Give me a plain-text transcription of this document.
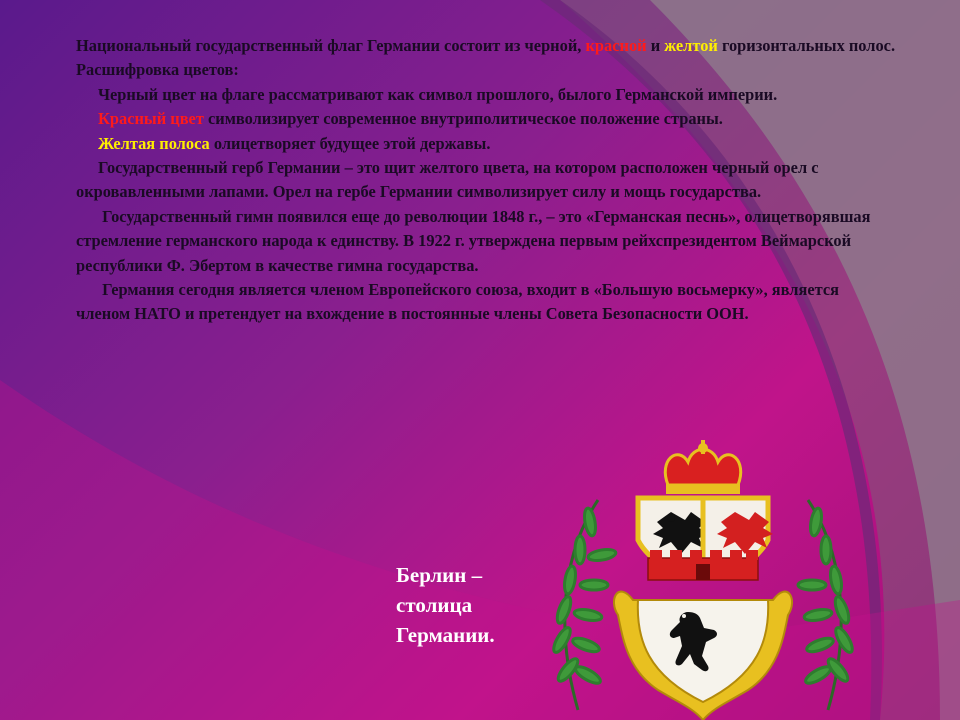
Национальный государственный флаг Германии состоит из черной, красной и желтой горизонтальных полос. Расшифровка цветов:

Черный цвет на флаге рассматривают как символ прошлого, былого Германской империи.

Красный цвет символизирует современное внутриполитическое положение страны.

Желтая полоса олицетворяет будущее этой державы.

Государственный герб Германии – это щит желтого цвета, на котором расположен черный орел с окровавленными лапами. Орел на гербе Германии символизирует силу и мощь государства.

Государственный гимн появился еще до революции 1848 г., – это «Германская песнь», олицетворявшая стремление германского народа к единству. В 1922 г. утверждена первым рейхспрезидентом Веймарской республики Ф. Эбертом в качестве гимна государства.

Германия сегодня является членом Европейского союза, входит в «Большую восьмерку», является членом НАТО и претендует на вхождение в постоянные члены Совета Безопасности ООН.

Берлин –
столица
Германии.
